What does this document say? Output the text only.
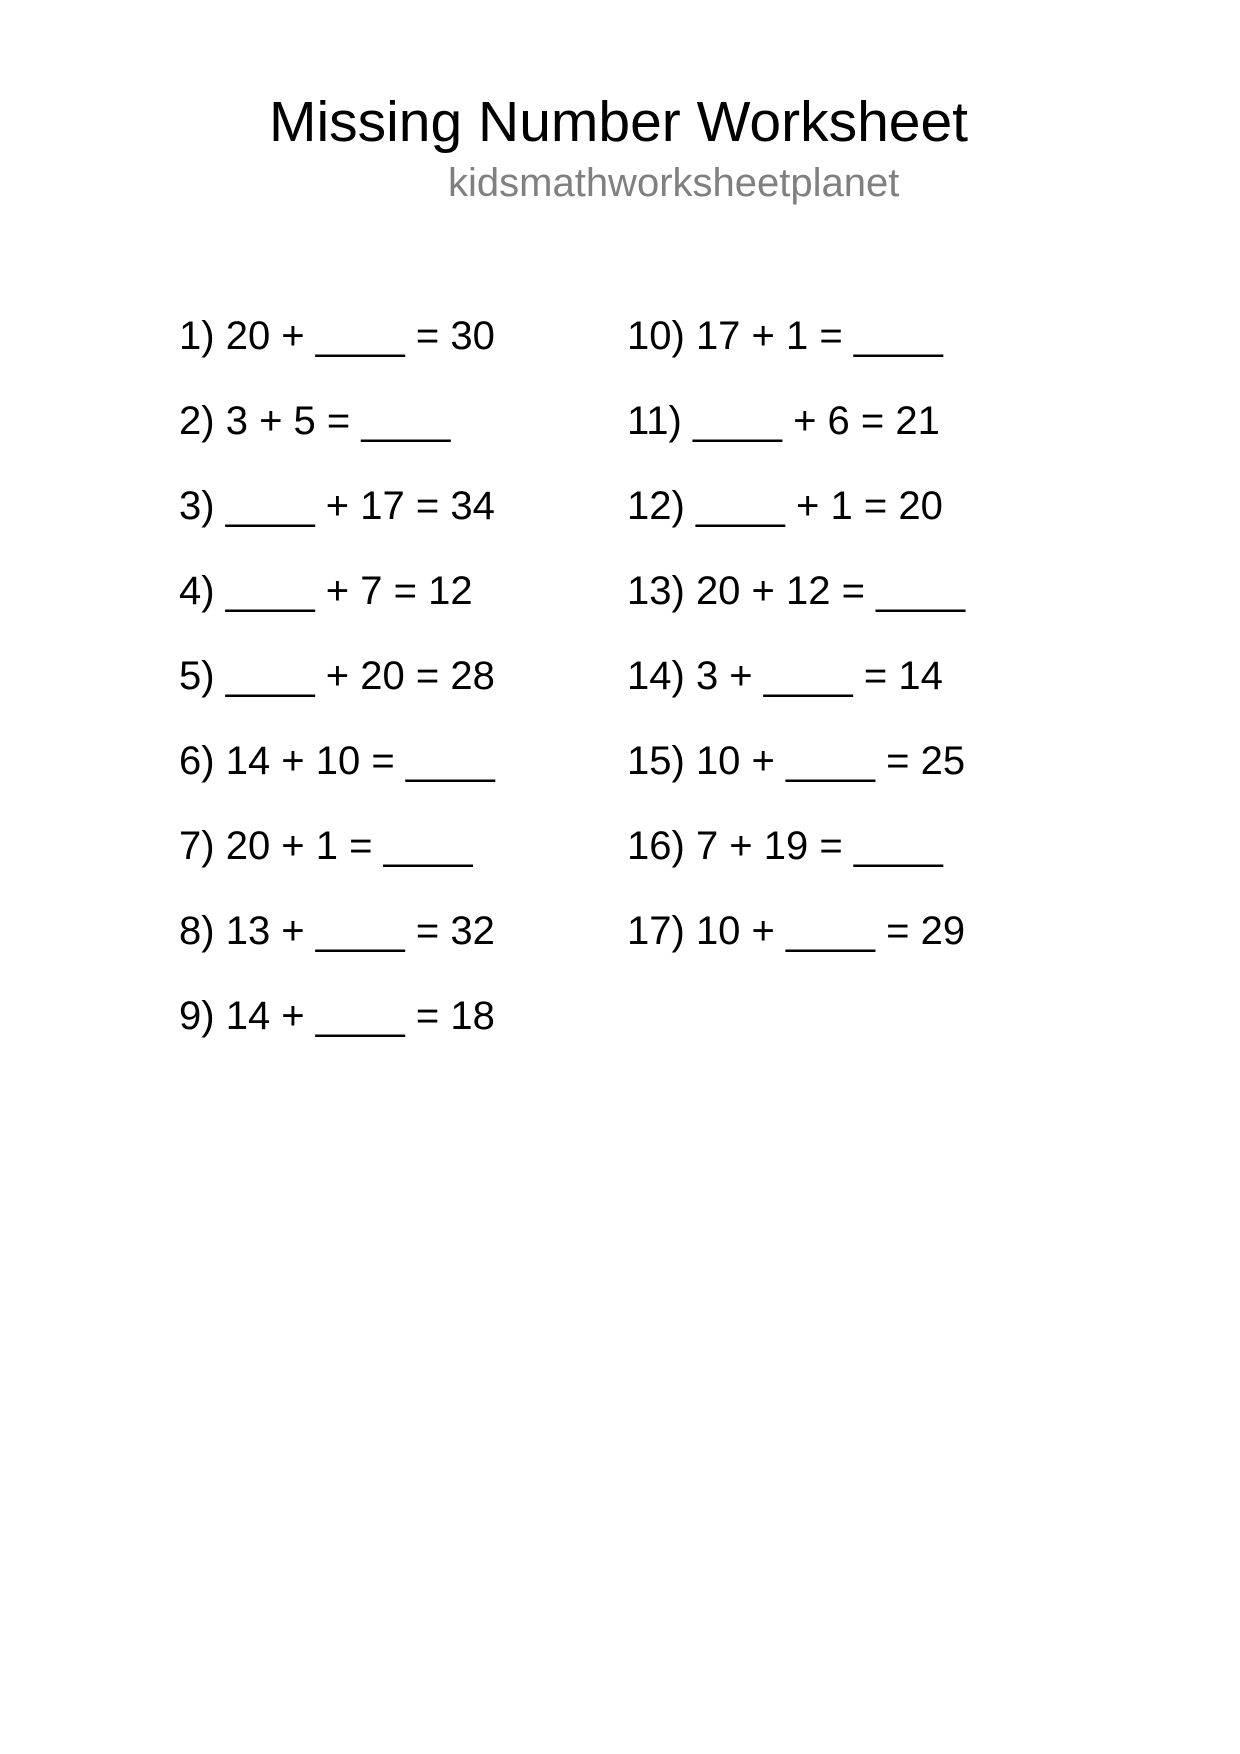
Missing Number Worksheet
kidsmathworksheetplanet
1) 20 + ____ = 30
2) 3 + 5 = ____
3) ____ + 17 = 34
4) ____ + 7 = 12
5) ____ + 20 = 28
6) 14 + 10 = ____
7) 20 + 1 = ____
8) 13 + ____ = 32
9) 14 + ____ = 18
10) 17 + 1 = ____
11) ____ + 6 = 21
12) ____ + 1 = 20
13) 20 + 12 = ____
14) 3 + ____ = 14
15) 10 + ____ = 25
16) 7 + 19 = ____
17) 10 + ____ = 29
